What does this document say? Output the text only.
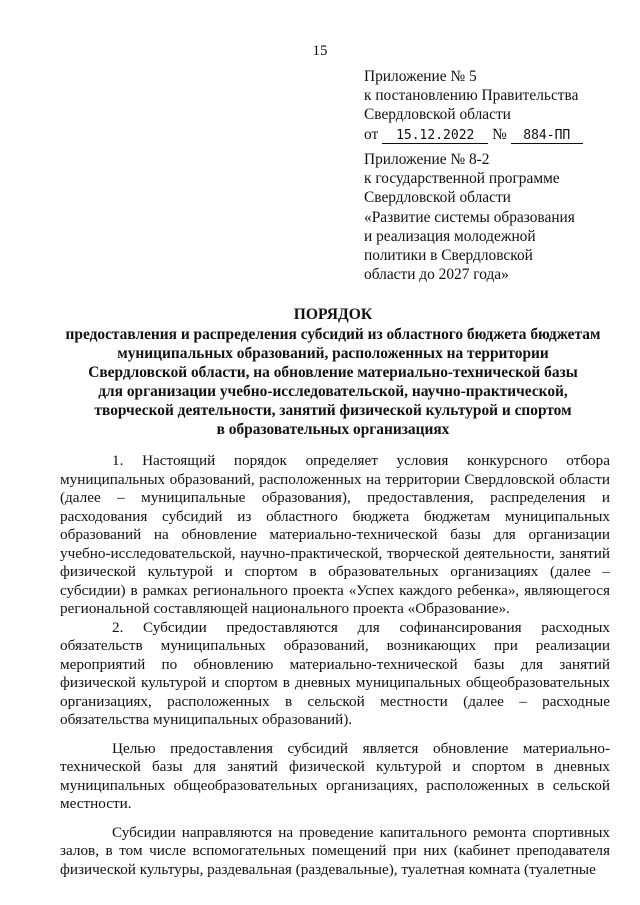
15
Приложение № 5
к постановлению Правительства
Свердловской области
от 15.12.2022 № 884-ПП
Приложение № 8-2
к государственной программе
Свердловской области
«Развитие системы образования
и реализация молодежной
политики в Свердловской
области до 2027 года»
ПОРЯДОК
предоставления и распределения субсидий из областного бюджета бюджетам
муниципальных образований, расположенных на территории
Свердловской области, на обновление материально-технической базы
для организации учебно-исследовательской, научно-практической,
творческой деятельности, занятий физической культурой и спортом
в образовательных организациях

1. Настоящий порядок определяет условия конкурсного отбора муниципальных образований, расположенных на территории Свердловской области (далее – муниципальные образования), предоставления, распределения и расходования субсидий из областного бюджета бюджетам муниципальных образований на обновление материально-технической базы для организации учебно-исследовательской, научно-практической, творческой деятельности, занятий физической культурой и спортом в образовательных организациях (далее – субсидии) в рамках регионального проекта «Успех каждого ребенка», являющегося региональной составляющей национального проекта «Образование».

2. Субсидии предоставляются для софинансирования расходных обязательств муниципальных образований, возникающих при реализации мероприятий по обновлению материально-технической базы для занятий физической культурой и спортом в дневных муниципальных общеобразовательных организациях, расположенных в сельской местности (далее – расходные обязательства муниципальных образований).

Целью предоставления субсидий является обновление материально-технической базы для занятий физической культурой и спортом в дневных муниципальных общеобразовательных организациях, расположенных в сельской местности.

Субсидии направляются на проведение капитального ремонта спортивных залов, в том числе вспомогательных помещений при них (кабинет преподавателя физической культуры, раздевальная (раздевальные), туалетная комната (туалетные
